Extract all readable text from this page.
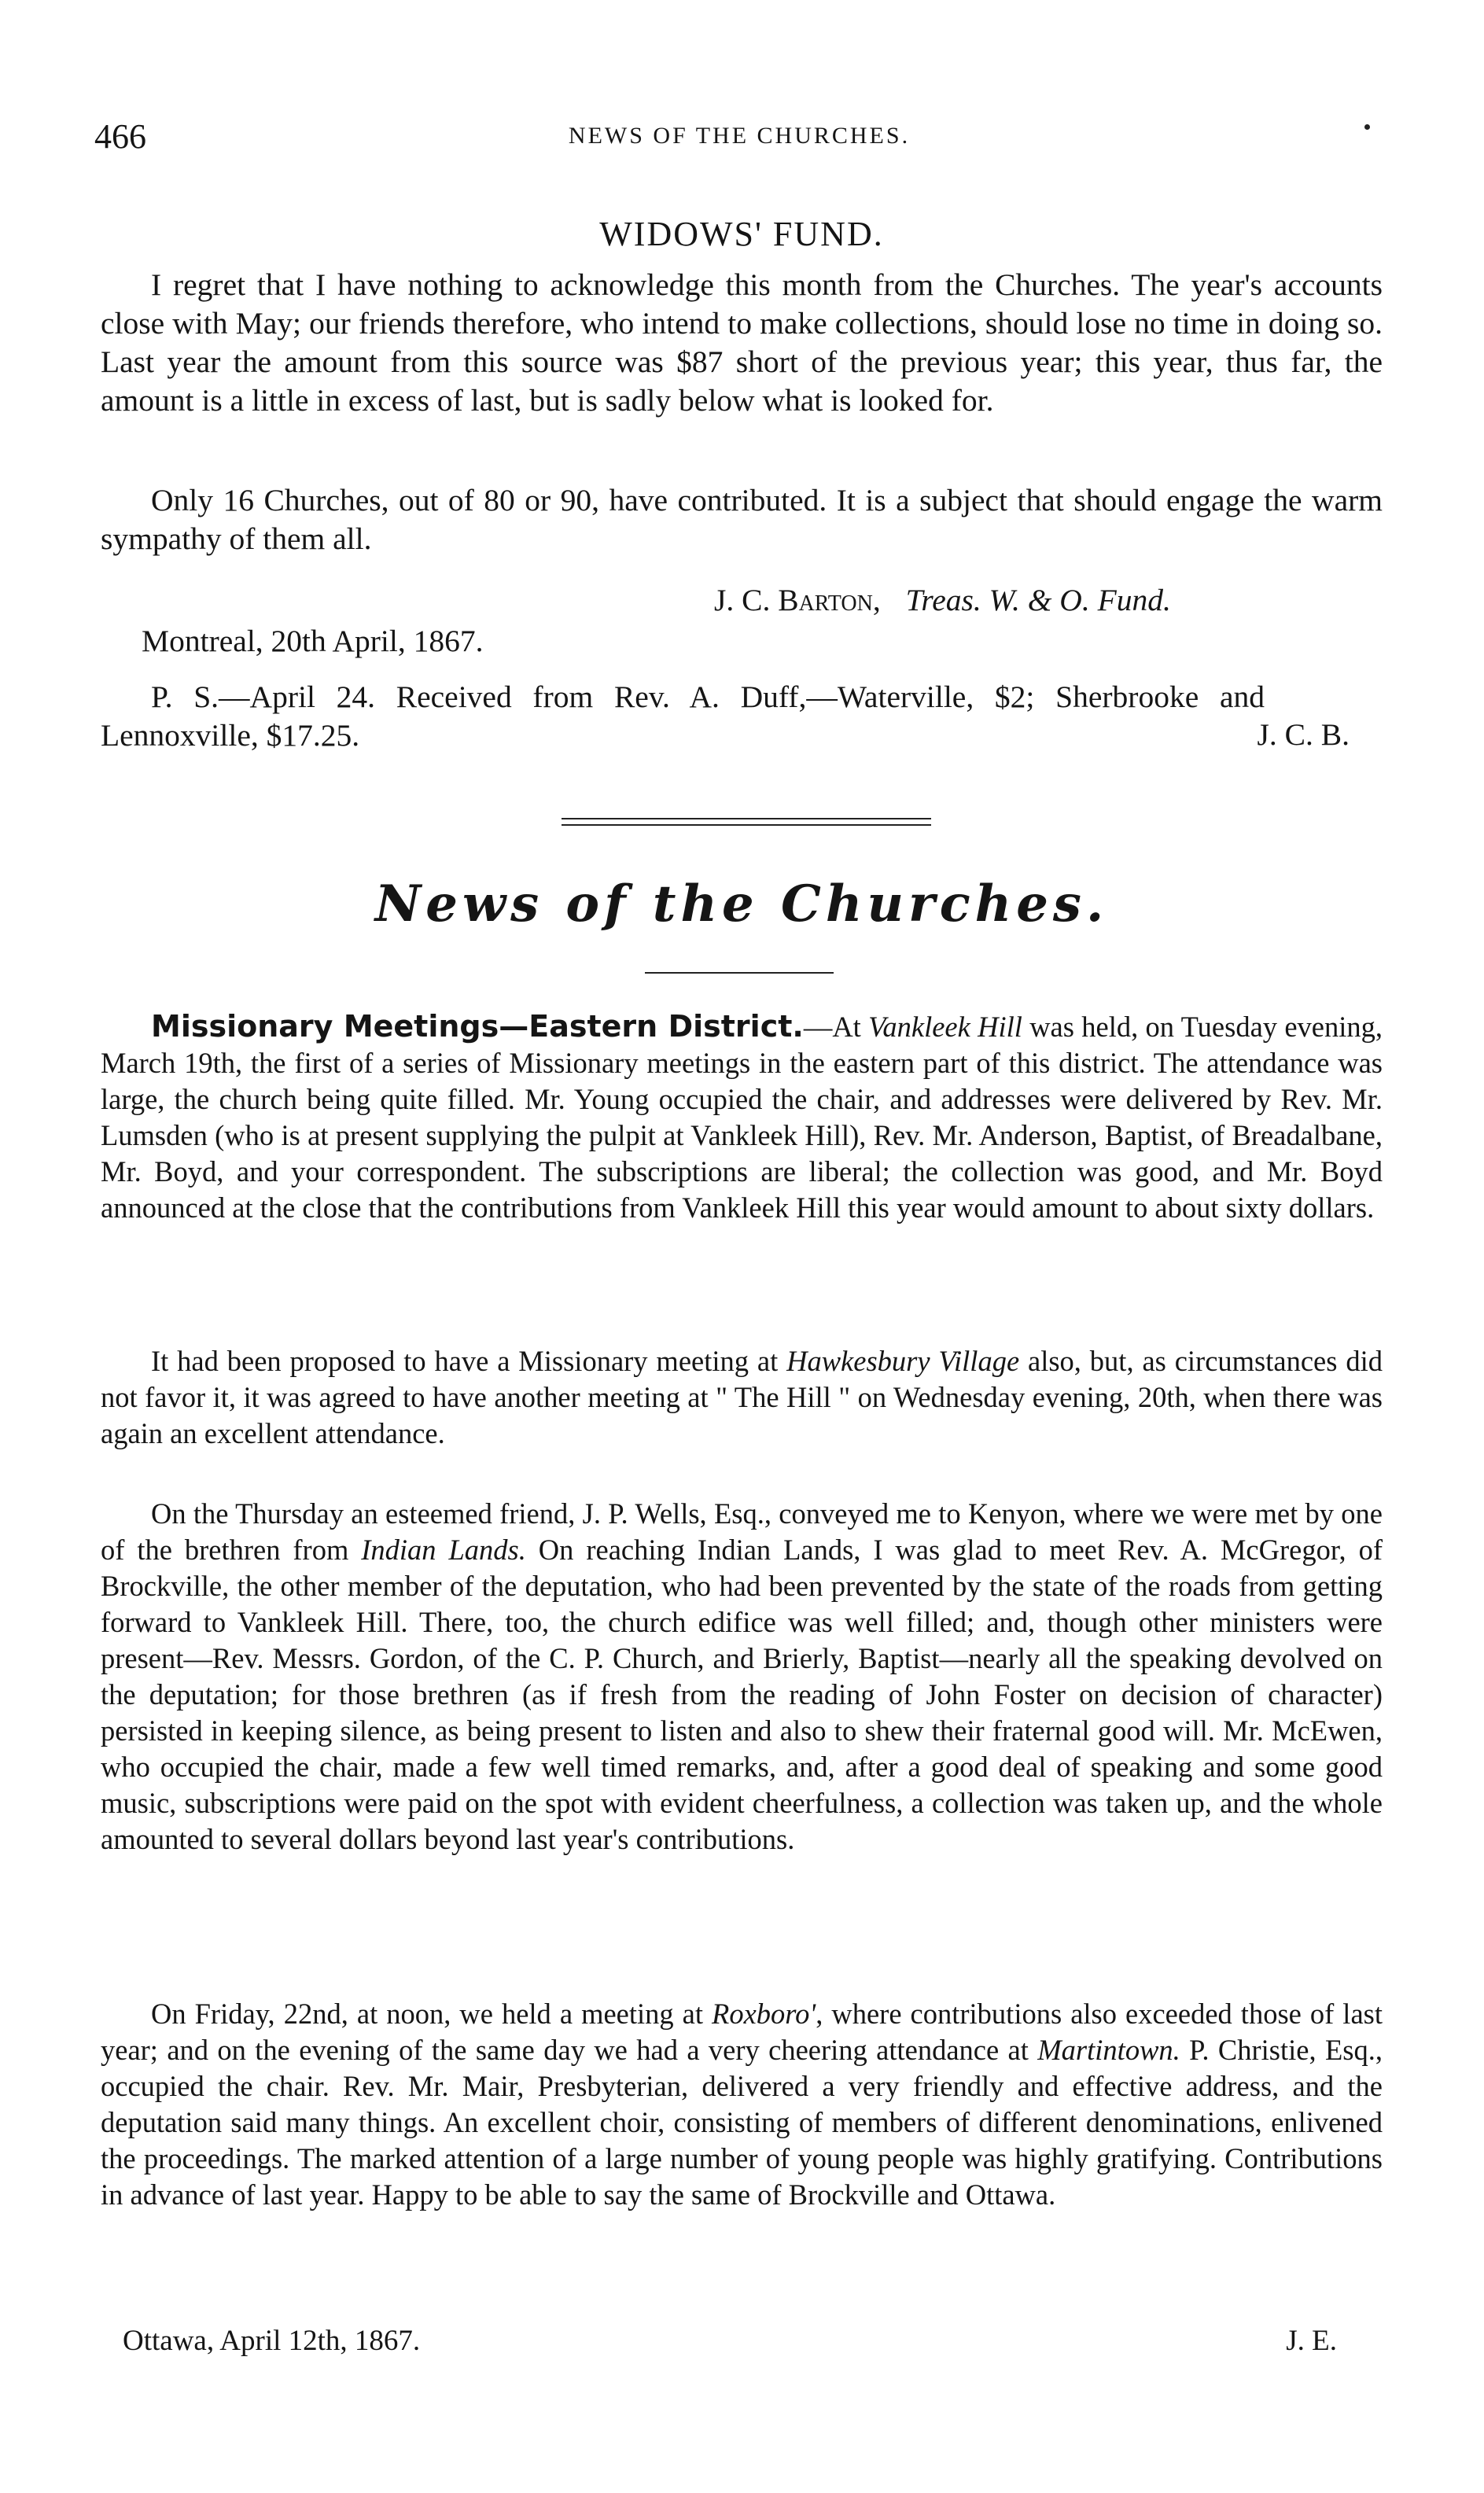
466	NEWS OF THE CHURCHES.
WIDOWS' FUND.
I regret that I have nothing to acknowledge this month from the Churches. The year's accounts close with May; our friends therefore, who intend to make collections, should lose no time in doing so. Last year the amount from this source was $87 short of the previous year; this year, thus far, the amount is a little in excess of last, but is sadly below what is looked for.
Only 16 Churches, out of 80 or 90, have contributed. It is a subject that should engage the warm sympathy of them all.
J. C. Barton, Treas. W. & O. Fund.
Montreal, 20th April, 1867.
P. S.—April 24. Received from Rev. A. Duff,—Waterville, $2; Sherbrooke and Lennoxville, $17.25.	J. C. B.
News of the Churches.
Missionary Meetings—Eastern District.—At Vankleek Hill was held, on Tuesday evening, March 19th, the first of a series of Missionary meetings in the eastern part of this district. The attendance was large, the church being quite filled. Mr. Young occupied the chair, and addresses were delivered by Rev. Mr. Lumsden (who is at present supplying the pulpit at Vankleek Hill), Rev. Mr. Anderson, Baptist, of Breadalbane, Mr. Boyd, and your correspondent. The subscriptions are liberal; the collection was good, and Mr. Boyd announced at the close that the contributions from Vankleek Hill this year would amount to about sixty dollars.
It had been proposed to have a Missionary meeting at Hawkesbury Village also, but, as circumstances did not favor it, it was agreed to have another meeting at " The Hill " on Wednesday evening, 20th, when there was again an excellent attendance.
On the Thursday an esteemed friend, J. P. Wells, Esq., conveyed me to Kenyon, where we were met by one of the brethren from Indian Lands. On reaching Indian Lands, I was glad to meet Rev. A. McGregor, of Brockville, the other member of the deputation, who had been prevented by the state of the roads from getting forward to Vankleek Hill. There, too, the church edifice was well filled; and, though other ministers were present—Rev. Messrs. Gordon, of the C. P. Church, and Brierly, Baptist—nearly all the speaking devolved on the deputation; for those brethren (as if fresh from the reading of John Foster on decision of character) persisted in keeping silence, as being present to listen and also to shew their fraternal good will. Mr. McEwen, who occupied the chair, made a few well timed remarks, and, after a good deal of speaking and some good music, subscriptions were paid on the spot with evident cheerfulness, a collection was taken up, and the whole amounted to several dollars beyond last year's contributions.
On Friday, 22nd, at noon, we held a meeting at Roxboro', where contributions also exceeded those of last year; and on the evening of the same day we had a very cheering attendance at Martintown. P. Christie, Esq., occupied the chair. Rev. Mr. Mair, Presbyterian, delivered a very friendly and effective address, and the deputation said many things. An excellent choir, consisting of members of different denominations, enlivened the proceedings. The marked attention of a large number of young people was highly gratifying. Contributions in advance of last year. Happy to be able to say the same of Brockville and Ottawa.
Ottawa, April 12th, 1867.	J. E.
